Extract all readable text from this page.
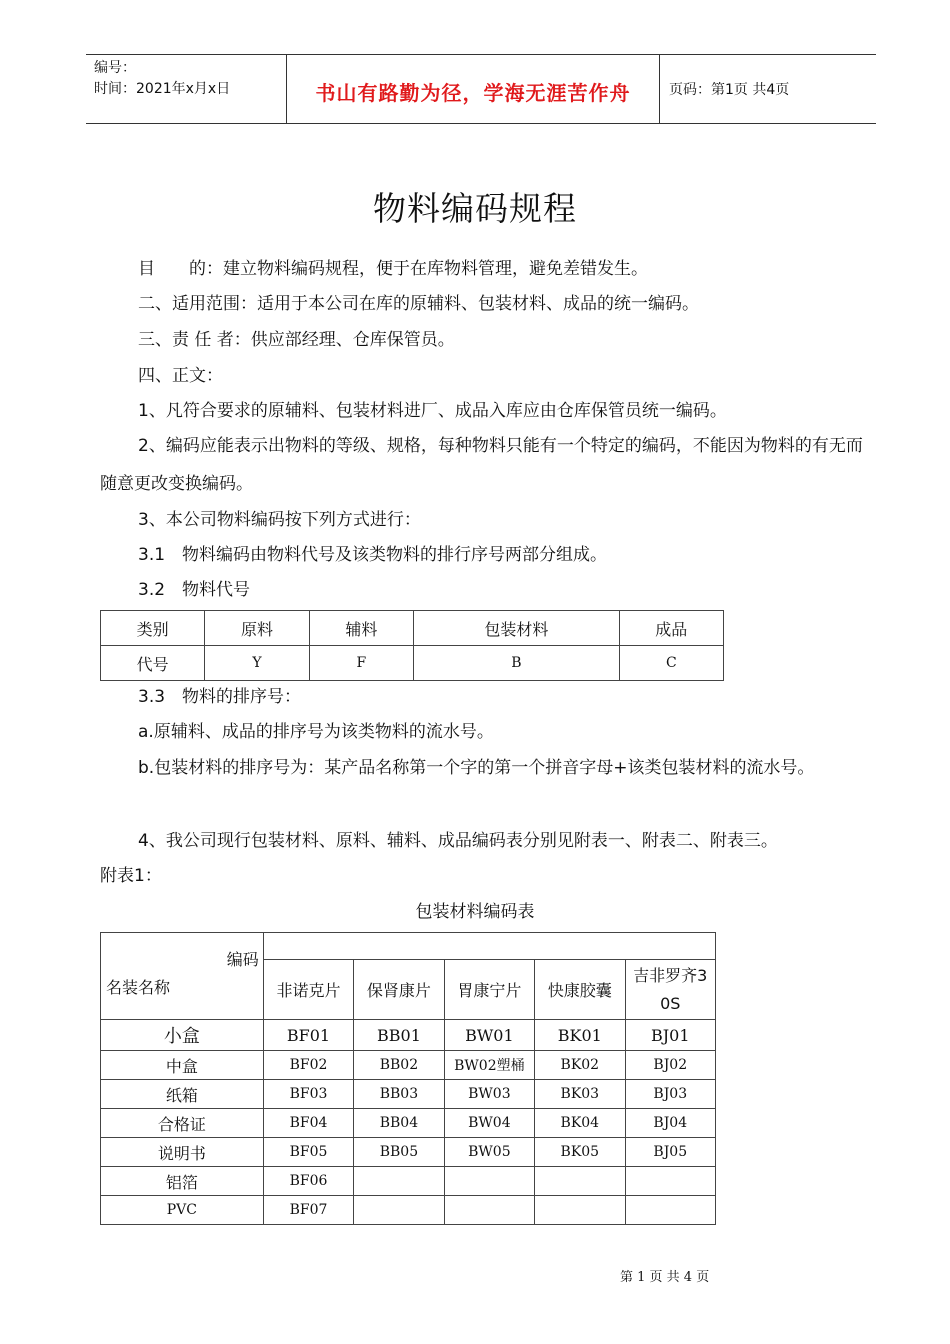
编号：
时间：2021年x月x日	书山有路勤为径，学海无涯苦作舟	页码：第1页 共4页
物料编码规程
目　　的：建立物料编码规程，便于在库物料管理，避免差错发生。
二、适用范围：适用于本公司在库的原辅料、包装材料、成品的统一编码。
三、责 任 者：供应部经理、仓库保管员。
四、正文：
1、凡符合要求的原辅料、包装材料进厂、成品入库应由仓库保管员统一编码。
2、编码应能表示出物料的等级、规格，每种物料只能有一个特定的编码，不能因为物料的有无而随意更改变换编码。
3、本公司物料编码按下列方式进行：
3.1　物料编码由物料代号及该类物料的排行序号两部分组成。
3.2　物料代号
类别	原料	辅料	包装材料	成品
代号	Y	F	B	C
3.3　物料的排序号：
a.原辅料、成品的排序号为该类物料的流水号。
b.包装材料的排序号为：某产品名称第一个字的第一个拼音字母+该类包装材料的流水号。
4、我公司现行包装材料、原料、辅料、成品编码表分别见附表一、附表二、附表三。
附表1：
包装材料编码表
编码
名装名称					

	非诺克片	保肾康片	胃康宁片	快康胶囊	吉非罗齐30S
小盒	BF01	BB01	BW01	BK01	BJ01
中盒	BF02	BB02	BW02塑桶	BK02	BJ02
纸箱	BF03	BB03	BW03	BK03	BJ03
合格证	BF04	BB04	BW04	BK04	BJ04
说明书	BF05	BB05	BW05	BK05	BJ05
铝箔	BF06				
PVC	BF07				
第 1 页 共 4 页
